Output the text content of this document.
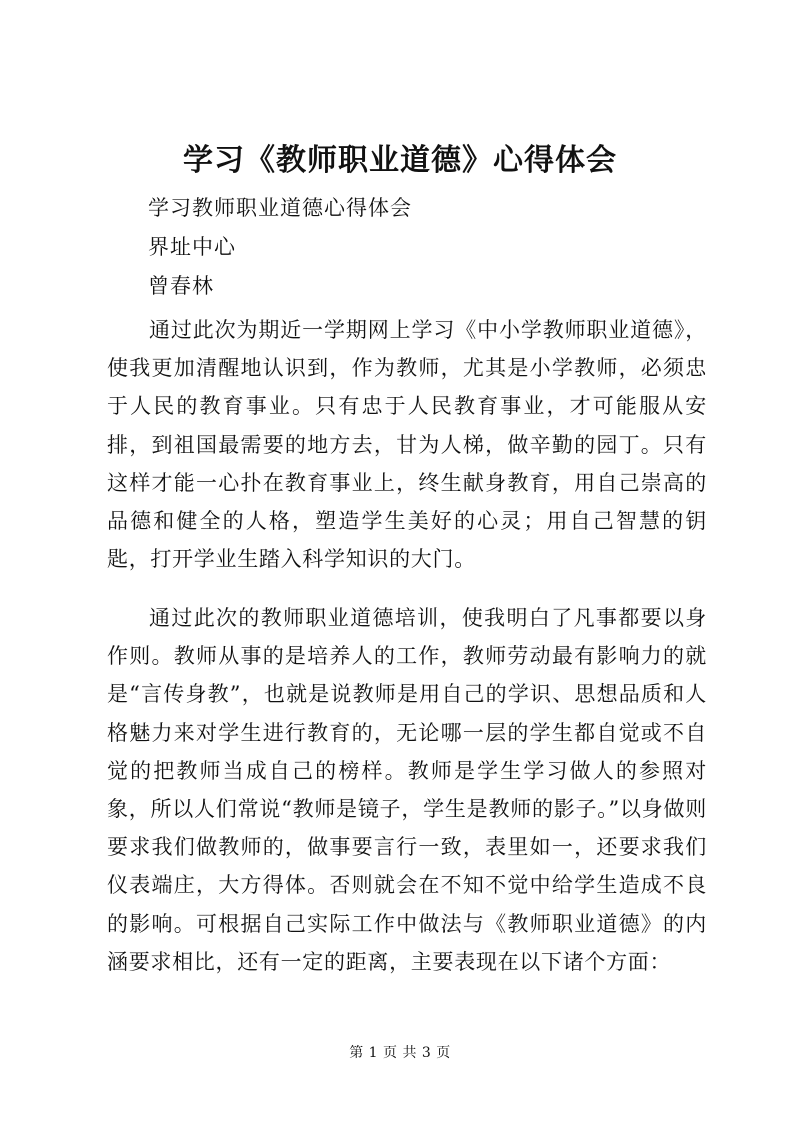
学习《教师职业道德》心得体会
学习教师职业道德心得体会
界址中心
曾春林

通过此次为期近一学期网上学习《中小学教师职业道德》，使我更加清醒地认识到，作为教师，尤其是小学教师，必须忠于人民的教育事业。只有忠于人民教育事业，才可能服从安排，到祖国最需要的地方去，甘为人梯，做辛勤的园丁。只有这样才能一心扑在教育事业上，终生献身教育，用自己崇高的品德和健全的人格，塑造学生美好的心灵；用自己智慧的钥匙，打开学业生踏入科学知识的大门。

通过此次的教师职业道德培训，使我明白了凡事都要以身作则。教师从事的是培养人的工作，教师劳动最有影响力的就是“言传身教”，也就是说教师是用自己的学识、思想品质和人格魅力来对学生进行教育的，无论哪一层的学生都自觉或不自觉的把教师当成自己的榜样。教师是学生学习做人的参照对象，所以人们常说“教师是镜子，学生是教师的影子。”以身做则要求我们做教师的，做事要言行一致，表里如一，还要求我们仪表端庄，大方得体。否则就会在不知不觉中给学生造成不良的影响。可根据自己实际工作中做法与《教师职业道德》的内涵要求相比，还有一定的距离，主要表现在以下诸个方面：

第 1 页 共 3 页
